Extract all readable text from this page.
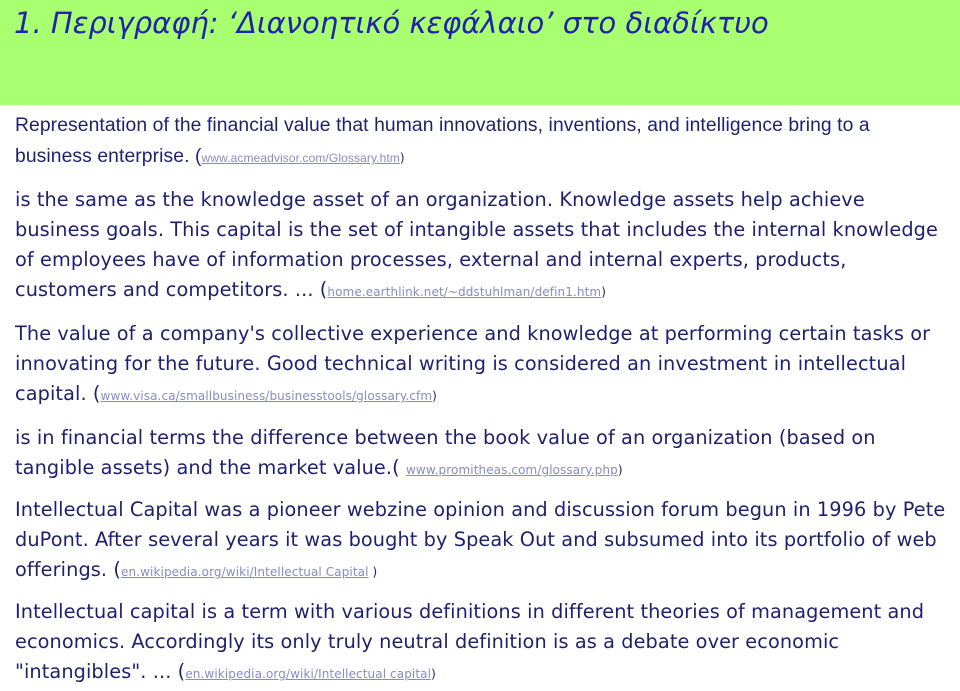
1. Περιγραφή: ‘Διανοητικό κεφάλαιο’ στο διαδίκτυο

Representation of the financial value that human innovations, inventions, and intelligence bring to a business enterprise. (www.acmeadvisor.com/Glossary.htm)

is the same as the knowledge asset of an organization. Knowledge assets help achieve business goals. This capital is the set of intangible assets that includes the internal knowledge of employees have of information processes, external and internal experts, products, customers and competitors. ... (home.earthlink.net/~ddstuhlman/defin1.htm)

The value of a company's collective experience and knowledge at performing certain tasks or innovating for the future. Good technical writing is considered an investment in intellectual capital. (www.visa.ca/smallbusiness/businesstools/glossary.cfm)

is in financial terms the difference between the book value of an organization (based on tangible assets) and the market value.( www.promitheas.com/glossary.php)

Intellectual Capital was a pioneer webzine opinion and discussion forum begun in 1996 by Pete duPont. After several years it was bought by Speak Out and subsumed into its portfolio of web offerings. (en.wikipedia.org/wiki/Intellectual Capital )

Intellectual capital is a term with various definitions in different theories of management and economics. Accordingly its only truly neutral definition is as a debate over economic "intangibles". ... (en.wikipedia.org/wiki/Intellectual capital)
